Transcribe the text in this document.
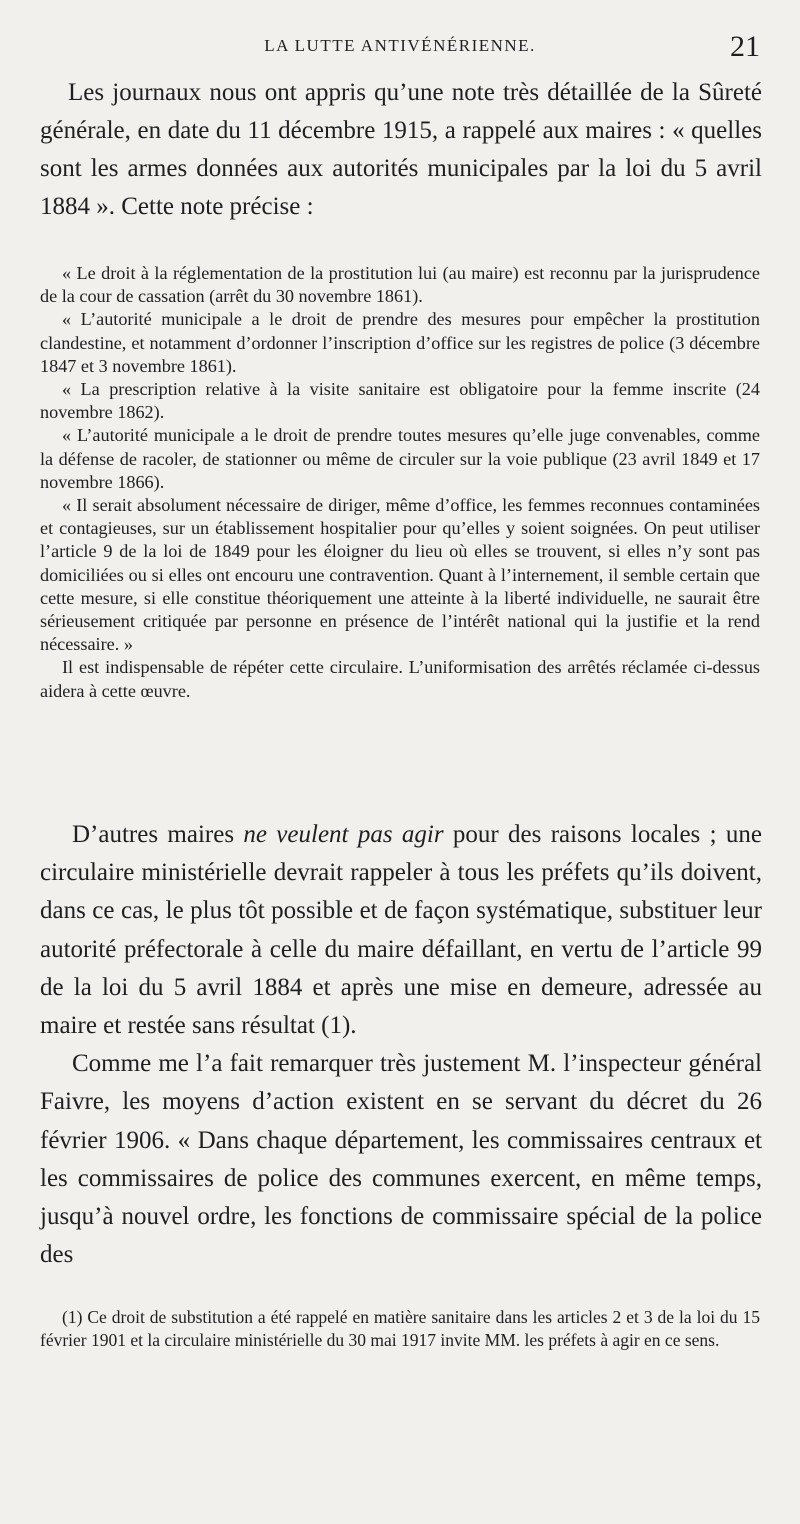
LA LUTTE ANTIVÉNÉRIENNE.	21

Les journaux nous ont appris qu’une note très détaillée de la Sûreté générale, en date du 11 décembre 1915, a rappelé aux maires : « quelles sont les armes données aux autorités municipales par la loi du 5 avril 1884 ». Cette note précise :

« Le droit à la réglementation de la prostitution lui (au maire) est reconnu par la jurisprudence de la cour de cassation (arrêt du 30 novembre 1861).

« L’autorité municipale a le droit de prendre des mesures pour empêcher la prostitution clandestine, et notamment d’ordonner l’inscription d’office sur les registres de police (3 décembre 1847 et 3 novembre 1861).

« La prescription relative à la visite sanitaire est obligatoire pour la femme inscrite (24 novembre 1862).

« L’autorité municipale a le droit de prendre toutes mesures qu’elle juge convenables, comme la défense de racoler, de stationner ou même de circuler sur la voie publique (23 avril 1849 et 17 novembre 1866).

« Il serait absolument nécessaire de diriger, même d’office, les femmes reconnues contaminées et contagieuses, sur un établissement hospitalier pour qu’elles y soient soignées. On peut utiliser l’article 9 de la loi de 1849 pour les éloigner du lieu où elles se trouvent, si elles n’y sont pas domiciliées ou si elles ont encouru une contravention. Quant à l’internement, il semble certain que cette mesure, si elle constitue théoriquement une atteinte à la liberté individuelle, ne saurait être sérieusement critiquée par personne en présence de l’intérêt national qui la justifie et la rend nécessaire. »

Il est indispensable de répéter cette circulaire. L’uniformisation des arrêtés réclamée ci-dessus aidera à cette œuvre.

D’autres maires ne veulent pas agir pour des raisons locales ; une circulaire ministérielle devrait rappeler à tous les préfets qu’ils doivent, dans ce cas, le plus tôt possible et de façon systématique, substituer leur autorité préfectorale à celle du maire défaillant, en vertu de l’article 99 de la loi du 5 avril 1884 et après une mise en demeure, adressée au maire et restée sans résultat (1).

Comme me l’a fait remarquer très justement M. l’inspecteur général Faivre, les moyens d’action existent en se servant du décret du 26 février 1906. « Dans chaque département, les commissaires centraux et les commissaires de police des communes exercent, en même temps, jusqu’à nouvel ordre, les fonctions de commissaire spécial de la police des

(1) Ce droit de substitution a été rappelé en matière sanitaire dans les articles 2 et 3 de la loi du 15 février 1901 et la circulaire ministérielle du 30 mai 1917 invite MM. les préfets à agir en ce sens.
